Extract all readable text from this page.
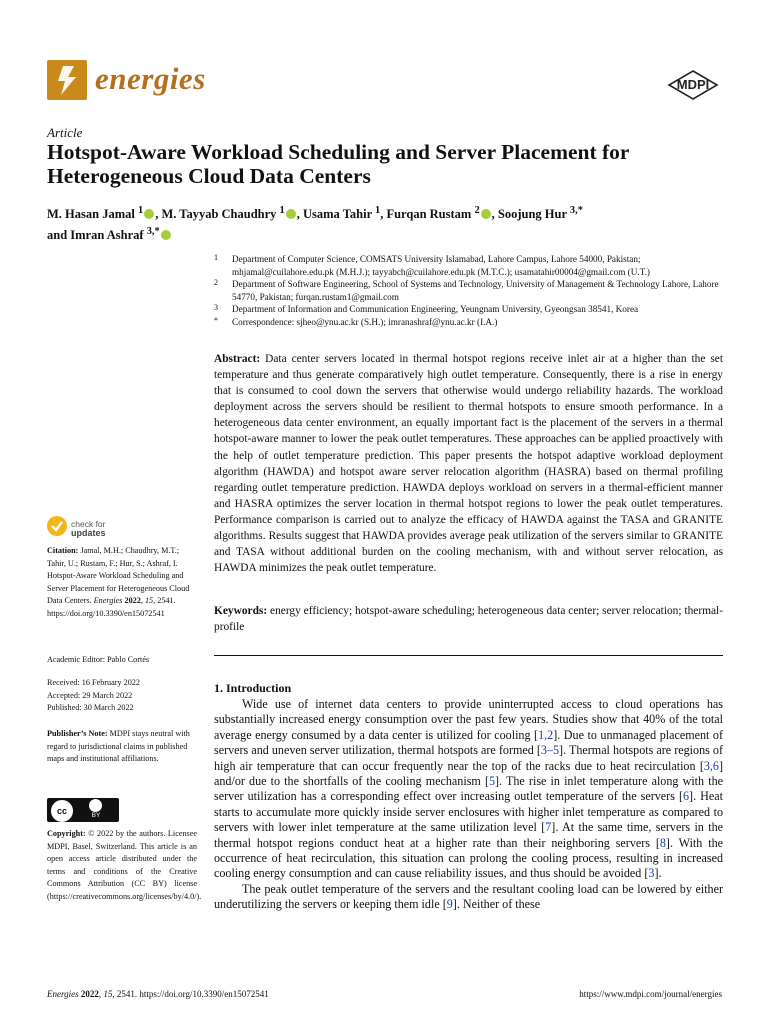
energies	MDPI
Article
Hotspot-Aware Workload Scheduling and Server Placement for Heterogeneous Cloud Data Centers
M. Hasan Jamal $^1$ , M. Tayyab Chaudhry $^1$ , Usama Tahir $^1$, Furqan Rustam $^2$ , Soojung Hur $^{3,*}$
and Imran Ashraf $^{3,*}$
1 Department of Computer Science, COMSATS University Islamabad, Lahore Campus, Lahore 54000, Pakistan; mhjamal@cuilahore.edu.pk (M.H.J.); tayyabch@cuilahore.edu.pk (M.T.C.); usamatahir00004@gmail.com (U.T.)
2 Department of Software Engineering, School of Systems and Technology, University of Management & Technology Lahore, Lahore 54770, Pakistan; furqan.rustam1@gmail.com
3 Department of Information and Communication Engineering, Yeungnam University, Gyeongsan 38541, Korea
* Correspondence: sjheo@ynu.ac.kr (S.H.); imranashraf@ynu.ac.kr (I.A.)
Abstract: Data center servers located in thermal hotspot regions receive inlet air at a higher than the set temperature and thus generate comparatively high outlet temperature. Consequently, there is a rise in energy that is consumed to cool down the servers that otherwise would undergo reliability hazards. The workload deployment across the servers should be resilient to thermal hotspots to ensure smooth performance. In a heterogeneous data center environment, an equally important fact is the placement of the servers in a thermal hotspot-aware manner to lower the peak outlet temperatures. These approaches can be applied proactively with the help of outlet temperature prediction. This paper presents the hotspot adaptive workload deployment algorithm (HAWDA) and hotspot aware server relocation algorithm (HASRA) based on thermal profiling regarding outlet temperature prediction. HAWDA deploys workload on servers in a thermal-efficient manner and HASRA optimizes the server location in thermal hotspot regions to lower the peak outlet temperatures. Performance comparison is carried out to analyze the efficacy of HAWDA against the TASA and GRANITE algorithms. Results suggest that HAWDA provides average peak utilization of the servers similar to GRANITE and TASA without additional burden on the cooling mechanism, with and without server relocation, as HAWDA minimizes the peak outlet temperature.
Keywords: energy efficiency; hotspot-aware scheduling; heterogeneous data center; server relocation; thermal-profile
check for
updates
Citation: Jamal, M.H.; Chaudhry, M.T.; Tahir, U.; Rustam, F.; Hur, S.; Ashraf, I. Hotspot-Aware Workload Scheduling and Server Placement for Heterogeneous Cloud Data Centers. Energies 2022, 15, 2541. https://doi.org/10.3390/en15072541
Academic Editor: Pablo Cortés
Received: 16 February 2022
Accepted: 29 March 2022
Published: 30 March 2022
Publisher’s Note: MDPI stays neutral with regard to jurisdictional claims in published maps and institutional affiliations.
cc	BY
Copyright: © 2022 by the authors. Licensee MDPI, Basel, Switzerland. This article is an open access article distributed under the terms and conditions of the Creative Commons Attribution (CC BY) license (https://creativecommons.org/licenses/by/4.0/).
1. Introduction

Wide use of internet data centers to provide uninterrupted access to cloud operations has substantially increased energy consumption over the past few years. Studies show that 40% of the total average energy consumed by a data center is utilized for cooling [1,2]. Due to unmanaged placement of servers and uneven server utilization, thermal hotspots are formed [3–5]. Thermal hotspots are regions of high air temperature that can occur frequently near the top of the racks due to heat recirculation [3,6] and/or due to the shortfalls of the cooling mechanism [5]. The rise in inlet temperature along with the server utilization has a corresponding effect over increasing outlet temperature of the servers [6]. Heat starts to accumulate more quickly inside server enclosures with higher inlet temperature as compared to servers with lower inlet temperature at the same utilization level [7]. At the same time, servers in the thermal hotspot regions conduct heat at a higher rate than their neighboring servers [8]. With the occurrence of heat recirculation, this situation can prolong the cooling process, resulting in increased cooling energy consumption and can cause reliability issues, and thus should be avoided [3].

The peak outlet temperature of the servers and the resultant cooling load can be lowered by either underutilizing the servers or keeping them idle [9]. Neither of these

Energies 2022, 15, 2541. https://doi.org/10.3390/en15072541	https://www.mdpi.com/journal/energies
